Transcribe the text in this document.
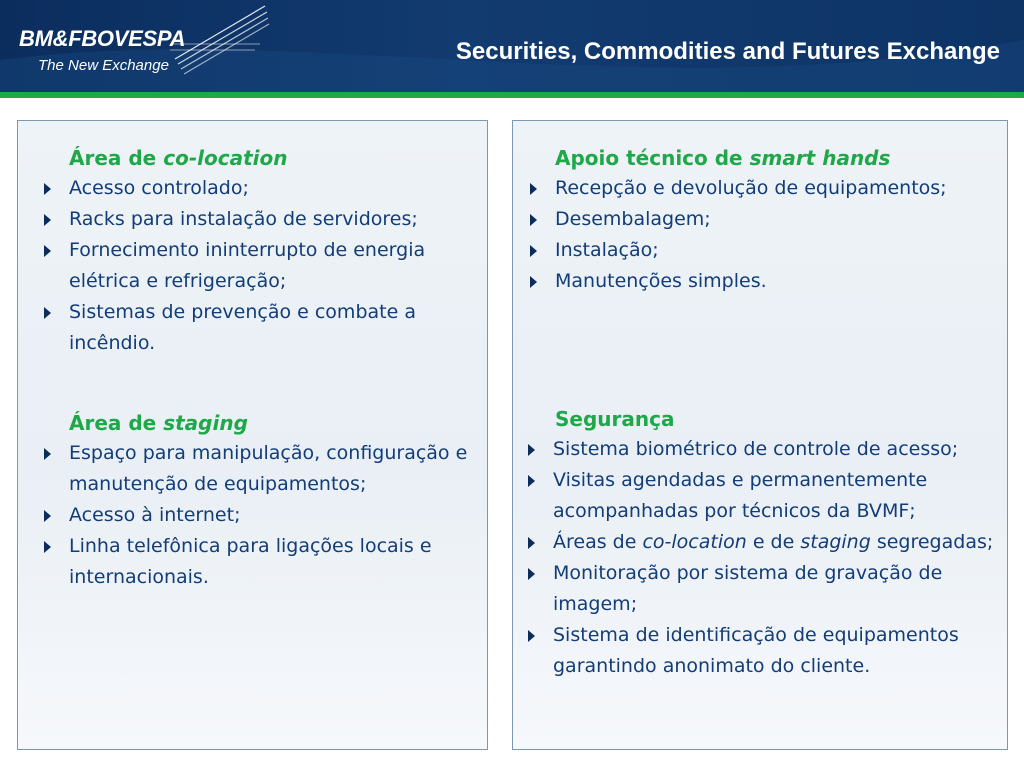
BM&FBOVESPA
The New Exchange
Securities, Commodities and Futures Exchange
Área de co-location
Acesso controlado;
Racks para instalação de servidores;
Fornecimento ininterrupto de energia elétrica e refrigeração;
Sistemas de prevenção e combate a incêndio.
Área de staging
Espaço para manipulação, configuração e manutenção de equipamentos;
Acesso à internet;
Linha telefônica para ligações locais e internacionais.
Apoio técnico de smart hands
Recepção e devolução de equipamentos;
Desembalagem;
Instalação;
Manutenções simples.
Segurança
Sistema biométrico de controle de acesso;
Visitas agendadas e permanentemente acompanhadas por técnicos da BVMF;
Áreas de co-location e de staging segregadas;
Monitoração por sistema de gravação de imagem;
Sistema de identificação de equipamentos garantindo anonimato do cliente.
